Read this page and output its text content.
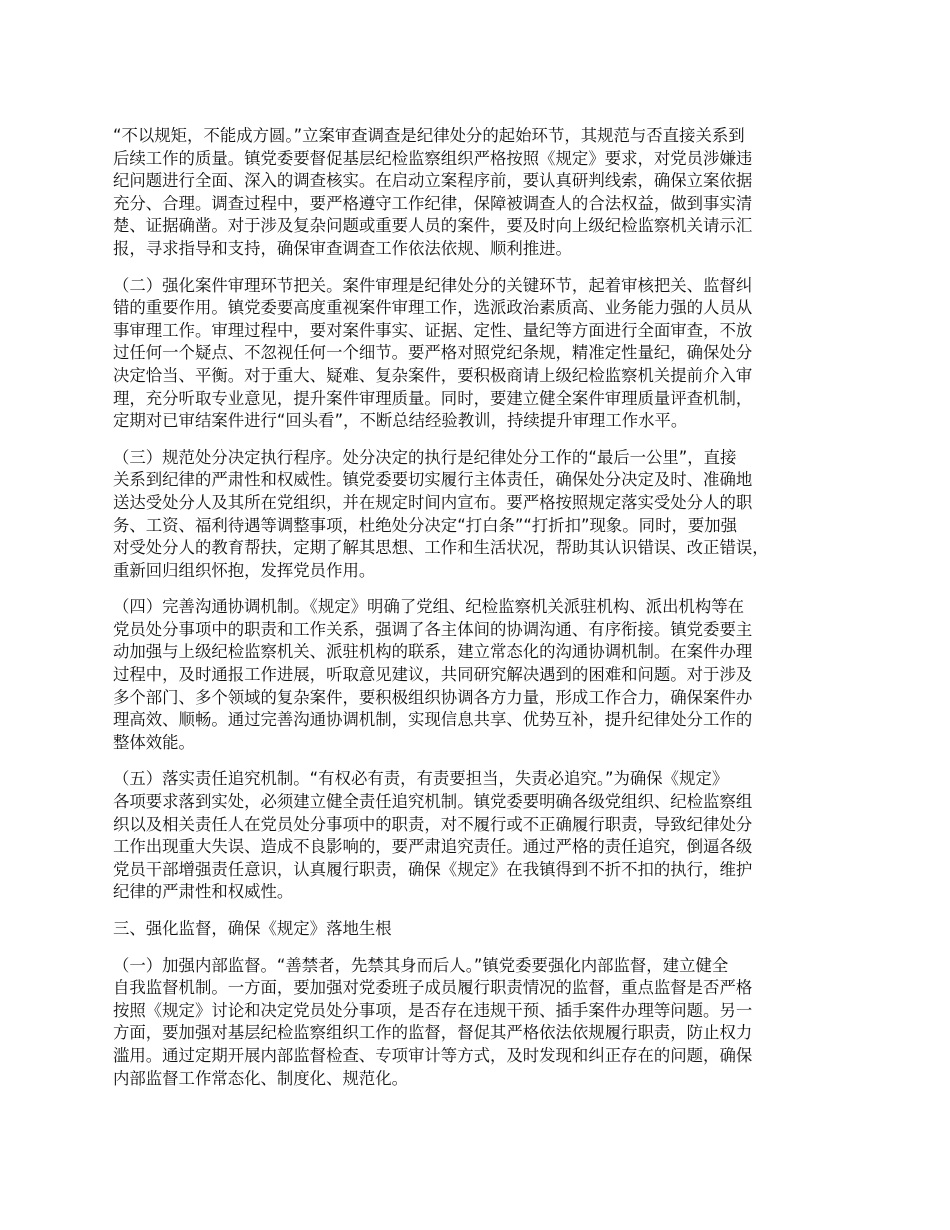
“不以规矩，不能成方圆。”立案审查调查是纪律处分的起始环节，其规范与否直接关系到
后续工作的质量。镇党委要督促基层纪检监察组织严格按照《规定》要求，对党员涉嫌违
纪问题进行全面、深入的调查核实。在启动立案程序前，要认真研判线索，确保立案依据
充分、合理。调查过程中，要严格遵守工作纪律，保障被调查人的合法权益，做到事实清
楚、证据确凿。对于涉及复杂问题或重要人员的案件，要及时向上级纪检监察机关请示汇
报，寻求指导和支持，确保审查调查工作依法依规、顺利推进。
（二）强化案件审理环节把关。案件审理是纪律处分的关键环节，起着审核把关、监督纠
错的重要作用。镇党委要高度重视案件审理工作，选派政治素质高、业务能力强的人员从
事审理工作。审理过程中，要对案件事实、证据、定性、量纪等方面进行全面审查，不放
过任何一个疑点、不忽视任何一个细节。要严格对照党纪条规，精准定性量纪，确保处分
决定恰当、平衡。对于重大、疑难、复杂案件，要积极商请上级纪检监察机关提前介入审
理，充分听取专业意见，提升案件审理质量。同时，要建立健全案件审理质量评查机制，
定期对已审结案件进行“回头看”，不断总结经验教训，持续提升审理工作水平。
（三）规范处分决定执行程序。处分决定的执行是纪律处分工作的“最后一公里”，直接
关系到纪律的严肃性和权威性。镇党委要切实履行主体责任，确保处分决定及时、准确地
送达受处分人及其所在党组织，并在规定时间内宣布。要严格按照规定落实受处分人的职
务、工资、福利待遇等调整事项，杜绝处分决定“打白条”“打折扣”现象。同时，要加强
对受处分人的教育帮扶，定期了解其思想、工作和生活状况，帮助其认识错误、改正错误，
重新回归组织怀抱，发挥党员作用。
（四）完善沟通协调机制。《规定》明确了党组、纪检监察机关派驻机构、派出机构等在
党员处分事项中的职责和工作关系，强调了各主体间的协调沟通、有序衔接。镇党委要主
动加强与上级纪检监察机关、派驻机构的联系，建立常态化的沟通协调机制。在案件办理
过程中，及时通报工作进展，听取意见建议，共同研究解决遇到的困难和问题。对于涉及
多个部门、多个领域的复杂案件，要积极组织协调各方力量，形成工作合力，确保案件办
理高效、顺畅。通过完善沟通协调机制，实现信息共享、优势互补，提升纪律处分工作的
整体效能。
（五）落实责任追究机制。“有权必有责，有责要担当，失责必追究。”为确保《规定》
各项要求落到实处，必须建立健全责任追究机制。镇党委要明确各级党组织、纪检监察组
织以及相关责任人在党员处分事项中的职责，对不履行或不正确履行职责，导致纪律处分
工作出现重大失误、造成不良影响的，要严肃追究责任。通过严格的责任追究，倒逼各级
党员干部增强责任意识，认真履行职责，确保《规定》在我镇得到不折不扣的执行，维护
纪律的严肃性和权威性。
三、强化监督，确保《规定》落地生根
（一）加强内部监督。“善禁者，先禁其身而后人。”镇党委要强化内部监督，建立健全
自我监督机制。一方面，要加强对党委班子成员履行职责情况的监督，重点监督是否严格
按照《规定》讨论和决定党员处分事项，是否存在违规干预、插手案件办理等问题。另一
方面，要加强对基层纪检监察组织工作的监督，督促其严格依法依规履行职责，防止权力
滥用。通过定期开展内部监督检查、专项审计等方式，及时发现和纠正存在的问题，确保
内部监督工作常态化、制度化、规范化。
